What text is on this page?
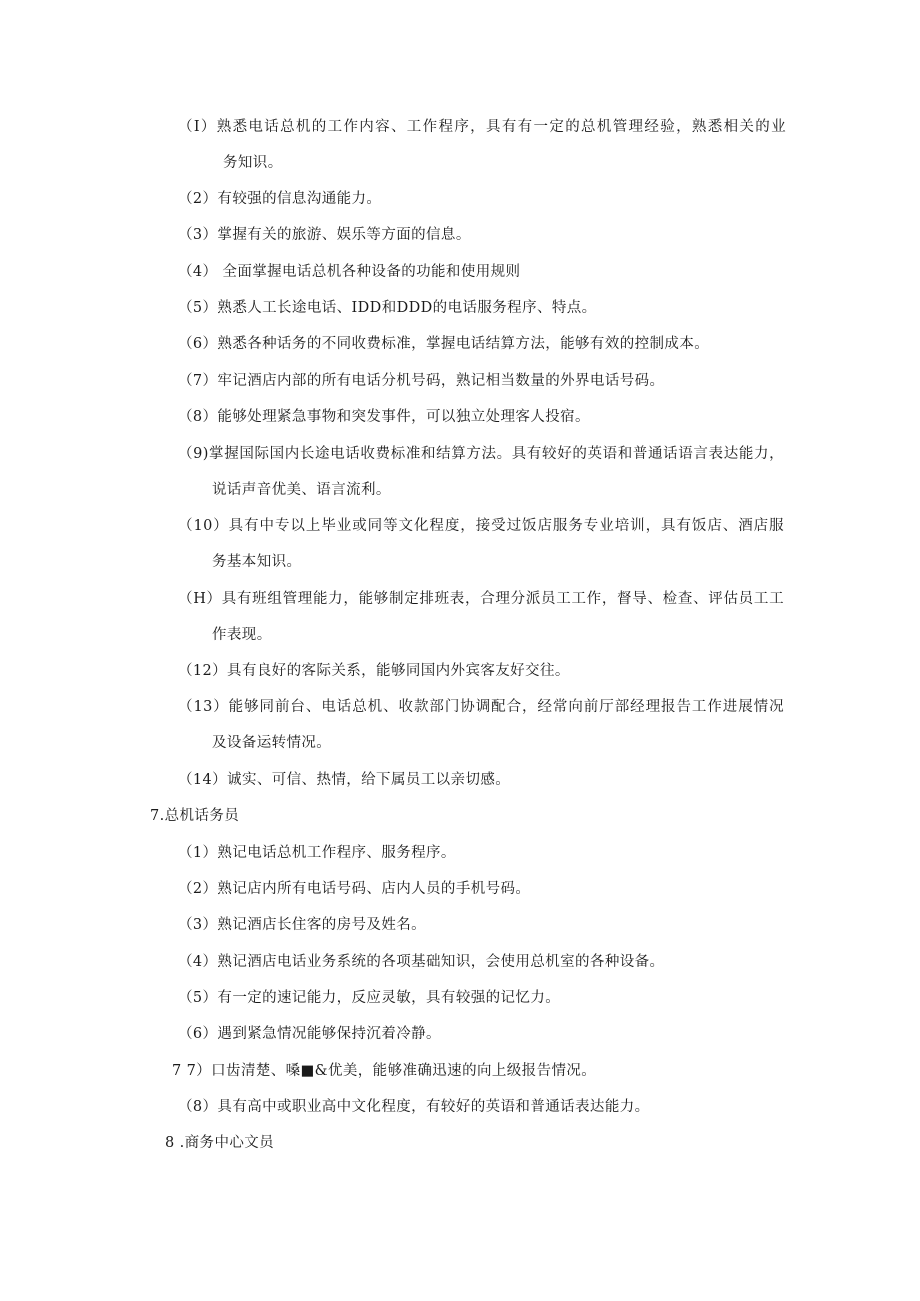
（I）熟悉电话总机的工作内容、工作程序，具有有一定的总机管理经验，熟悉相关的业
务知识。
（2）有较强的信息沟通能力。
（3）掌握有关的旅游、娱乐等方面的信息。
（4） 全面掌握电话总机各种设备的功能和使用规则
（5）熟悉人工长途电话、IDD和DDD的电话服务程序、特点。
（6）熟悉各种话务的不同收费标准，掌握电话结算方法，能够有效的控制成本。
（7）牢记酒店内部的所有电话分机号码，熟记相当数量的外界电话号码。
（8）能够处理紧急事物和突发事件，可以独立处理客人投宿。
（9)掌握国际国内长途电话收费标准和结算方法。具有较好的英语和普通话语言表达能力，
说话声音优美、语言流利。
（10）具有中专以上毕业或同等文化程度，接受过饭店服务专业培训，具有饭店、酒店服
务基本知识。
（H）具有班组管理能力，能够制定排班表，合理分派员工工作，督导、检查、评估员工工
作表现。
（12）具有良好的客际关系，能够同国内外宾客友好交往。
（13）能够同前台、电话总机、收款部门协调配合，经常向前厅部经理报告工作进展情况
及设备运转情况。
（14）诚实、可信、热情，给下属员工以亲切感。
7.总机话务员
（1）熟记电话总机工作程序、服务程序。
（2）熟记店内所有电话号码、店内人员的手机号码。
（3）熟记酒店长住客的房号及姓名。
（4）熟记酒店电话业务系统的各项基础知识，会使用总机室的各种设备。
（5）有一定的速记能力，反应灵敏，具有较强的记忆力。
（6）遇到紧急情况能够保持沉着冷静。
7 7）口齿清楚、嗓■&优美，能够准确迅速的向上级报告情况。
（8）具有高中或职业高中文化程度，有较好的英语和普通话表达能力。
8 .商务中心文员
